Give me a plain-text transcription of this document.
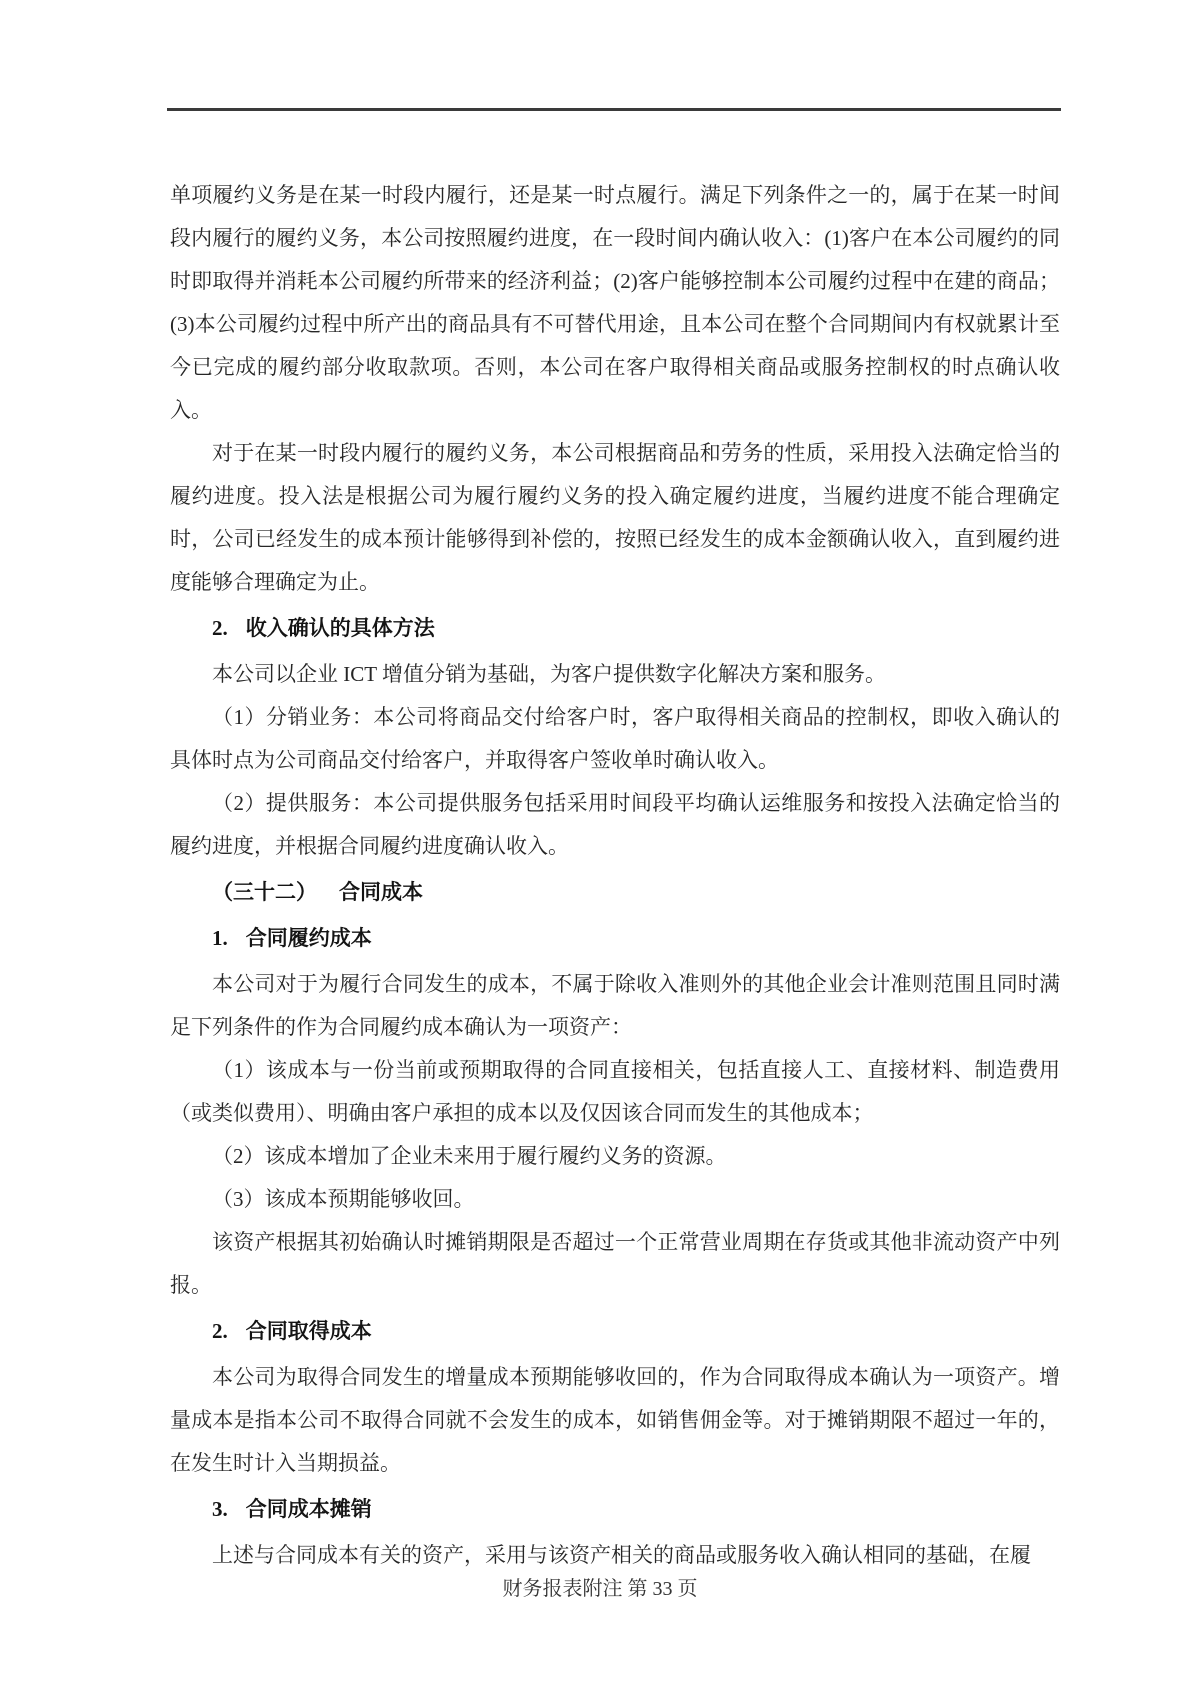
单项履约义务是在某一时段内履行，还是某一时点履行。满足下列条件之一的，属于在某一时间段内履行的履约义务，本公司按照履约进度，在一段时间内确认收入：(1)客户在本公司履约的同时即取得并消耗本公司履约所带来的经济利益；(2)客户能够控制本公司履约过程中在建的商品；(3)本公司履约过程中所产出的商品具有不可替代用途，且本公司在整个合同期间内有权就累计至今已完成的履约部分收取款项。否则，本公司在客户取得相关商品或服务控制权的时点确认收入。

对于在某一时段内履行的履约义务，本公司根据商品和劳务的性质，采用投入法确定恰当的履约进度。投入法是根据公司为履行履约义务的投入确定履约进度，当履约进度不能合理确定时，公司已经发生的成本预计能够得到补偿的，按照已经发生的成本金额确认收入，直到履约进度能够合理确定为止。

2. 收入确认的具体方法

本公司以企业 ICT 增值分销为基础，为客户提供数字化解决方案和服务。

（1）分销业务：本公司将商品交付给客户时，客户取得相关商品的控制权，即收入确认的具体时点为公司商品交付给客户，并取得客户签收单时确认收入。

（2）提供服务：本公司提供服务包括采用时间段平均确认运维服务和按投入法确定恰当的履约进度，并根据合同履约进度确认收入。

（三十二） 合同成本

1. 合同履约成本

本公司对于为履行合同发生的成本，不属于除收入准则外的其他企业会计准则范围且同时满足下列条件的作为合同履约成本确认为一项资产：

（1）该成本与一份当前或预期取得的合同直接相关，包括直接人工、直接材料、制造费用（或类似费用）、明确由客户承担的成本以及仅因该合同而发生的其他成本；

（2）该成本增加了企业未来用于履行履约义务的资源。

（3）该成本预期能够收回。

该资产根据其初始确认时摊销期限是否超过一个正常营业周期在存货或其他非流动资产中列报。

2. 合同取得成本

本公司为取得合同发生的增量成本预期能够收回的，作为合同取得成本确认为一项资产。增量成本是指本公司不取得合同就不会发生的成本，如销售佣金等。对于摊销期限不超过一年的，在发生时计入当期损益。

3. 合同成本摊销

上述与合同成本有关的资产，采用与该资产相关的商品或服务收入确认相同的基础，在履

财务报表附注 第 33 页
